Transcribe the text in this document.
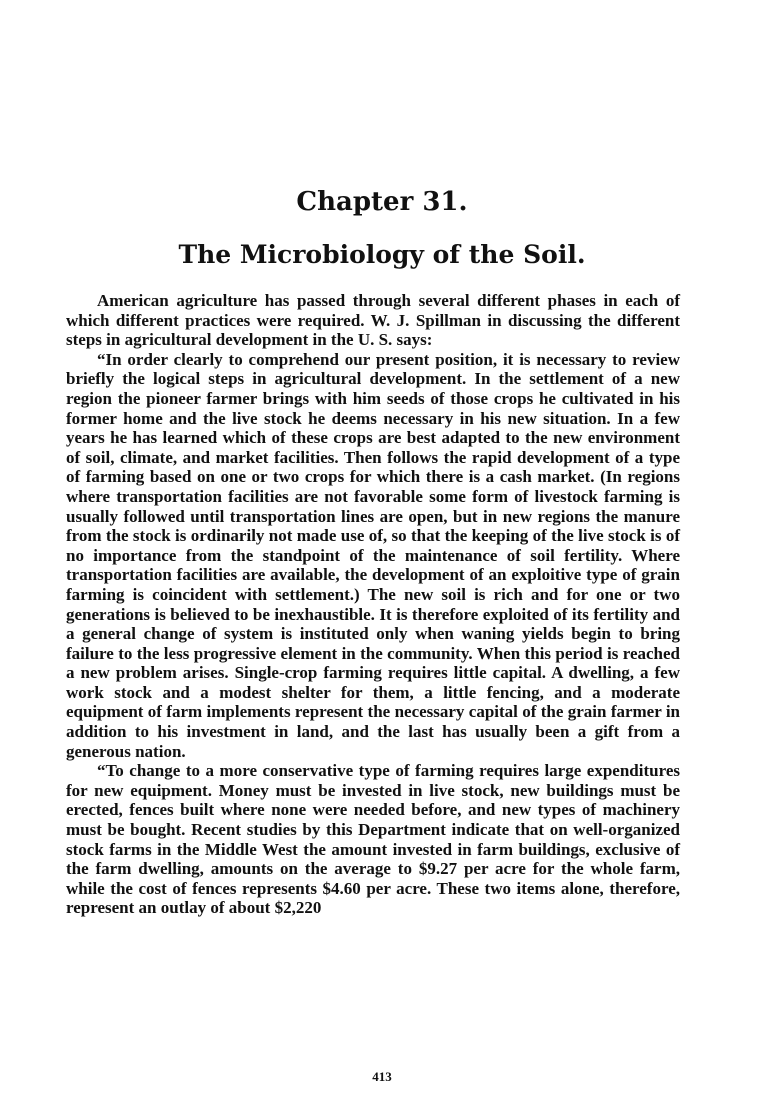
Chapter 31.
The Microbiology of the Soil.

American agriculture has passed through several different phases in each of which different practices were required. W. J. Spillman in discussing the different steps in agricultural development in the U. S. says:

“In order clearly to comprehend our present position, it is necessary to review briefly the logical steps in agricultural development. In the settlement of a new region the pioneer farmer brings with him seeds of those crops he cultivated in his former home and the live stock he deems necessary in his new situation. In a few years he has learned which of these crops are best adapted to the new environment of soil, climate, and market facilities. Then follows the rapid development of a type of farming based on one or two crops for which there is a cash market. (In regions where transportation facilities are not favorable some form of livestock farming is usually followed until transportation lines are open, but in new regions the manure from the stock is ordinarily not made use of, so that the keeping of the live stock is of no importance from the standpoint of the maintenance of soil fertility. Where transportation facilities are available, the development of an exploitive type of grain farming is coincident with settlement.) The new soil is rich and for one or two generations is believed to be inexhaustible. It is therefore exploited of its fertility and a general change of system is instituted only when waning yields begin to bring failure to the less progressive element in the community. When this period is reached a new problem arises. Single-crop farming requires little capital. A dwelling, a few work stock and a modest shelter for them, a little fencing, and a moderate equipment of farm implements represent the necessary capital of the grain farmer in addition to his investment in land, and the last has usually been a gift from a generous nation.

“To change to a more conservative type of farming requires large expenditures for new equipment. Money must be invested in live stock, new buildings must be erected, fences built where none were needed before, and new types of machinery must be bought. Recent studies by this Department indicate that on well-organized stock farms in the Middle West the amount invested in farm buildings, exclusive of the farm dwelling, amounts on the average to $9.27 per acre for the whole farm, while the cost of fences represents $4.60 per acre. These two items alone, therefore, represent an outlay of about $2,220

413
